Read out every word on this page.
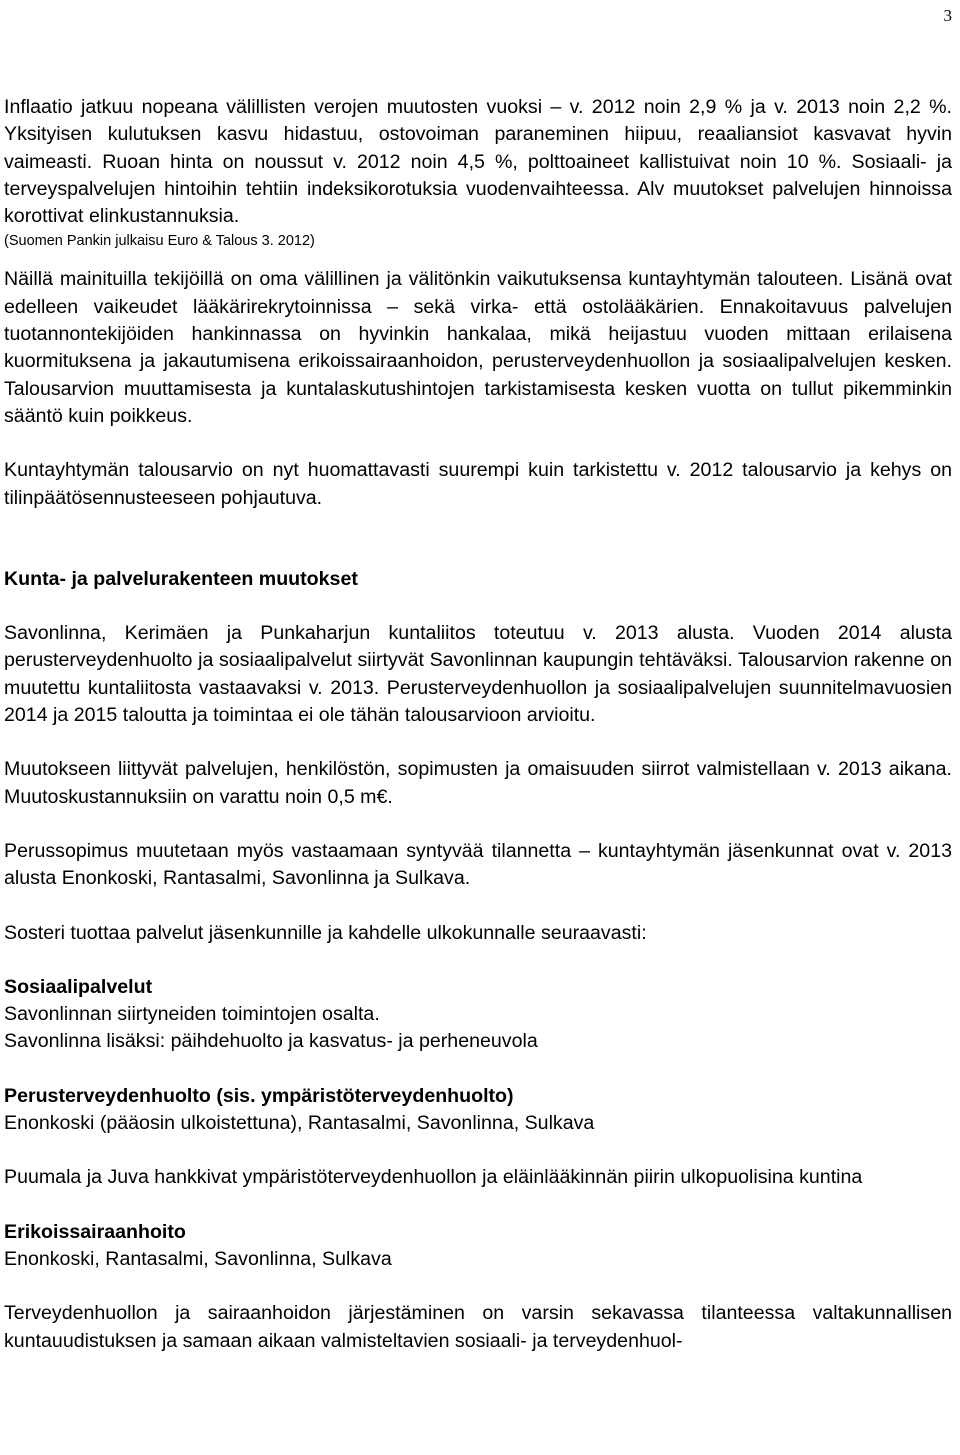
3

Inflaatio jatkuu nopeana välillisten verojen muutosten vuoksi – v. 2012 noin 2,9 % ja v. 2013 noin 2,2 %. Yksityisen kulutuksen kasvu hidastuu, ostovoiman paraneminen hiipuu, reaaliansiot kasvavat hyvin vaimeasti. Ruoan hinta on noussut v. 2012 noin 4,5 %, polttoaineet kallistuivat noin 10 %. Sosiaali- ja terveyspalvelujen hintoihin tehtiin indeksikorotuksia vuodenvaihteessa. Alv muutokset palvelujen hinnoissa korottivat elinkustannuksia.

(Suomen Pankin julkaisu Euro & Talous 3. 2012)

Näillä mainituilla tekijöillä on oma välillinen ja välitönkin vaikutuksensa kuntayhtymän talouteen. Lisänä ovat edelleen vaikeudet lääkärirekrytoinnissa – sekä virka- että ostolääkärien. Ennakoitavuus palvelujen tuotannontekijöiden hankinnassa on hyvinkin hankalaa, mikä heijastuu vuoden mittaan erilaisena kuormituksena ja jakautumisena erikoissairaanhoidon, perusterveydenhuollon ja sosiaalipalvelujen kesken. Talousarvion muuttamisesta ja kuntalaskutushintojen tarkistamisesta kesken vuotta on tullut pikemminkin sääntö kuin poikkeus.

Kuntayhtymän talousarvio on nyt huomattavasti suurempi kuin tarkistettu v. 2012 talousarvio ja kehys on tilinpäätösennusteeseen pohjautuva.

Kunta- ja palvelurakenteen muutokset

Savonlinna, Kerimäen ja Punkaharjun kuntaliitos toteutuu v. 2013 alusta. Vuoden 2014 alusta perusterveydenhuolto ja sosiaalipalvelut siirtyvät Savonlinnan kaupungin tehtäväksi. Talousarvion rakenne on muutettu kuntaliitosta vastaavaksi v. 2013. Perusterveydenhuollon ja sosiaalipalvelujen suunnitelmavuosien 2014 ja 2015 taloutta ja toimintaa ei ole tähän talousarvioon arvioitu.

Muutokseen liittyvät palvelujen, henkilöstön, sopimusten ja omaisuuden siirrot valmistellaan v. 2013 aikana. Muutoskustannuksiin on varattu noin 0,5 m€.

Perussopimus muutetaan myös vastaamaan syntyvää tilannetta – kuntayhtymän jäsenkunnat ovat v. 2013 alusta Enonkoski, Rantasalmi, Savonlinna ja Sulkava.

Sosteri tuottaa palvelut jäsenkunnille ja kahdelle ulkokunnalle seuraavasti:

Sosiaalipalvelut

Savonlinnan siirtyneiden toimintojen osalta.

Savonlinna lisäksi: päihdehuolto ja kasvatus- ja perheneuvola

Perusterveydenhuolto (sis. ympäristöterveydenhuolto)

Enonkoski (pääosin ulkoistettuna), Rantasalmi, Savonlinna, Sulkava

Puumala ja Juva hankkivat ympäristöterveydenhuollon ja eläinlääkinnän piirin ulkopuolisina kuntina

Erikoissairaanhoito

Enonkoski, Rantasalmi, Savonlinna, Sulkava

Terveydenhuollon ja sairaanhoidon järjestäminen on varsin sekavassa tilanteessa valtakunnallisen kuntauudistuksen ja samaan aikaan valmisteltavien sosiaali- ja terveydenhuol-
